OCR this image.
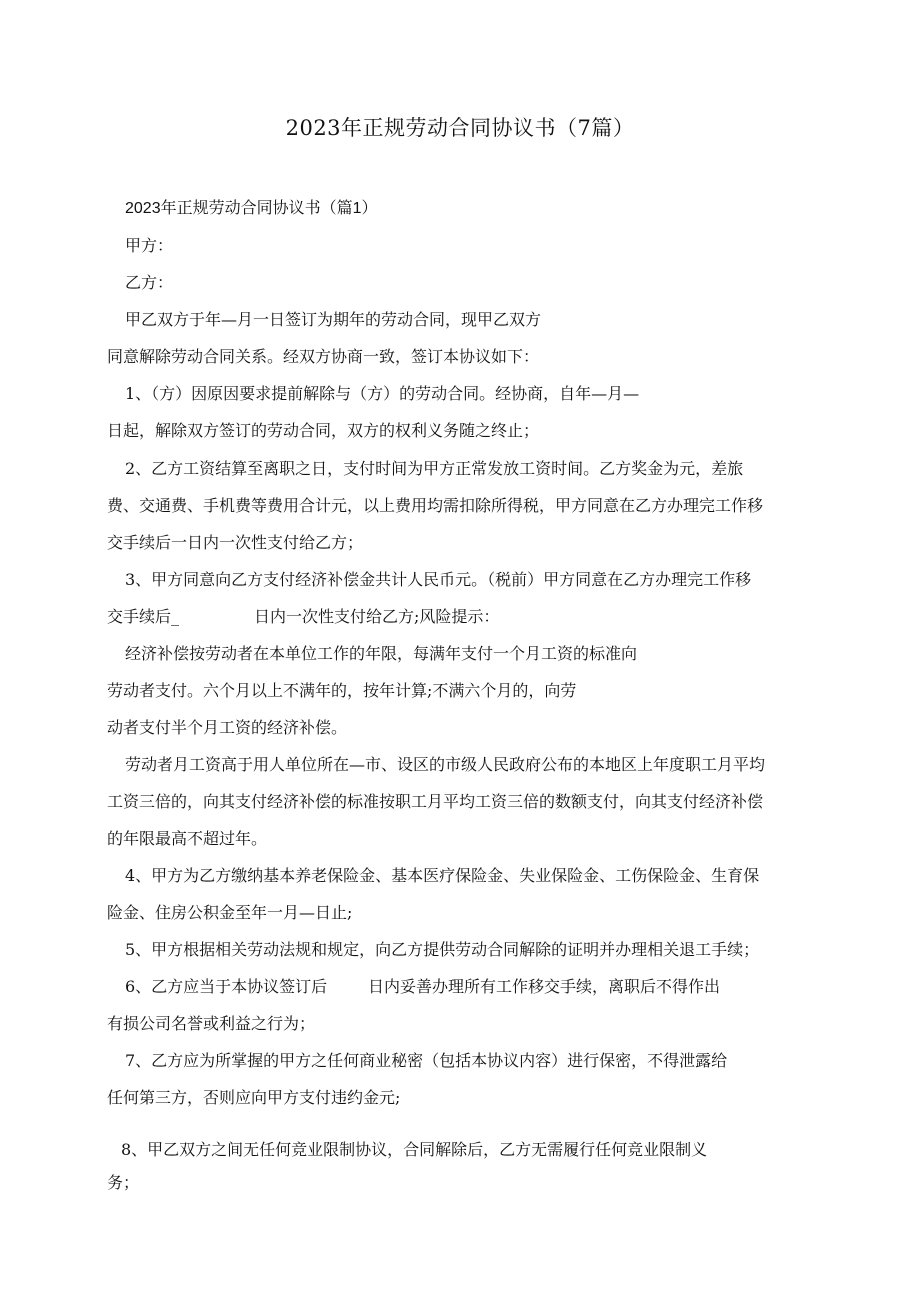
2023年正规劳动合同协议书（7篇）
2023年正规劳动合同协议书（篇1）
甲方：
乙方：
甲乙双方于年—月一日签订为期年的劳动合同，现甲乙双方
同意解除劳动合同关系。经双方协商一致，签订本协议如下：
1、（方）因原因要求提前解除与（方）的劳动合同。经协商，自年—月—
日起，解除双方签订的劳动合同，双方的权利义务随之终止；
2、乙方工资结算至离职之日，支付时间为甲方正常发放工资时间。乙方奖金为元，差旅
费、交通费、手机费等费用合计元，以上费用均需扣除所得税，甲方同意在乙方办理完工作移
交手续后一日内一次性支付给乙方；
3、甲方同意向乙方支付经济补偿金共计人民币元。（税前）甲方同意在乙方办理完工作移
交手续后_	日内一次性支付给乙方;风险提示：
经济补偿按劳动者在本单位工作的年限，每满年支付一个月工资的标准向
劳动者支付。六个月以上不满年的，按年计算;不满六个月的，向劳
动者支付半个月工资的经济补偿。
劳动者月工资高于用人单位所在—市、设区的市级人民政府公布的本地区上年度职工月平均
工资三倍的，向其支付经济补偿的标准按职工月平均工资三倍的数额支付，向其支付经济补偿
的年限最高不超过年。
4、甲方为乙方缴纳基本养老保险金、基本医疗保险金、失业保险金、工伤保险金、生育保
险金、住房公积金至年一月—日止;
5、甲方根据相关劳动法规和规定，向乙方提供劳动合同解除的证明并办理相关退工手续；
6、乙方应当于本协议签订后	日内妥善办理所有工作移交手续，离职后不得作出
有损公司名誉或利益之行为；
7、乙方应为所掌握的甲方之任何商业秘密（包括本协议内容）进行保密，不得泄露给
任何第三方，否则应向甲方支付违约金元;
8、甲乙双方之间无任何竞业限制协议，合同解除后，乙方无需履行任何竞业限制义
务；
